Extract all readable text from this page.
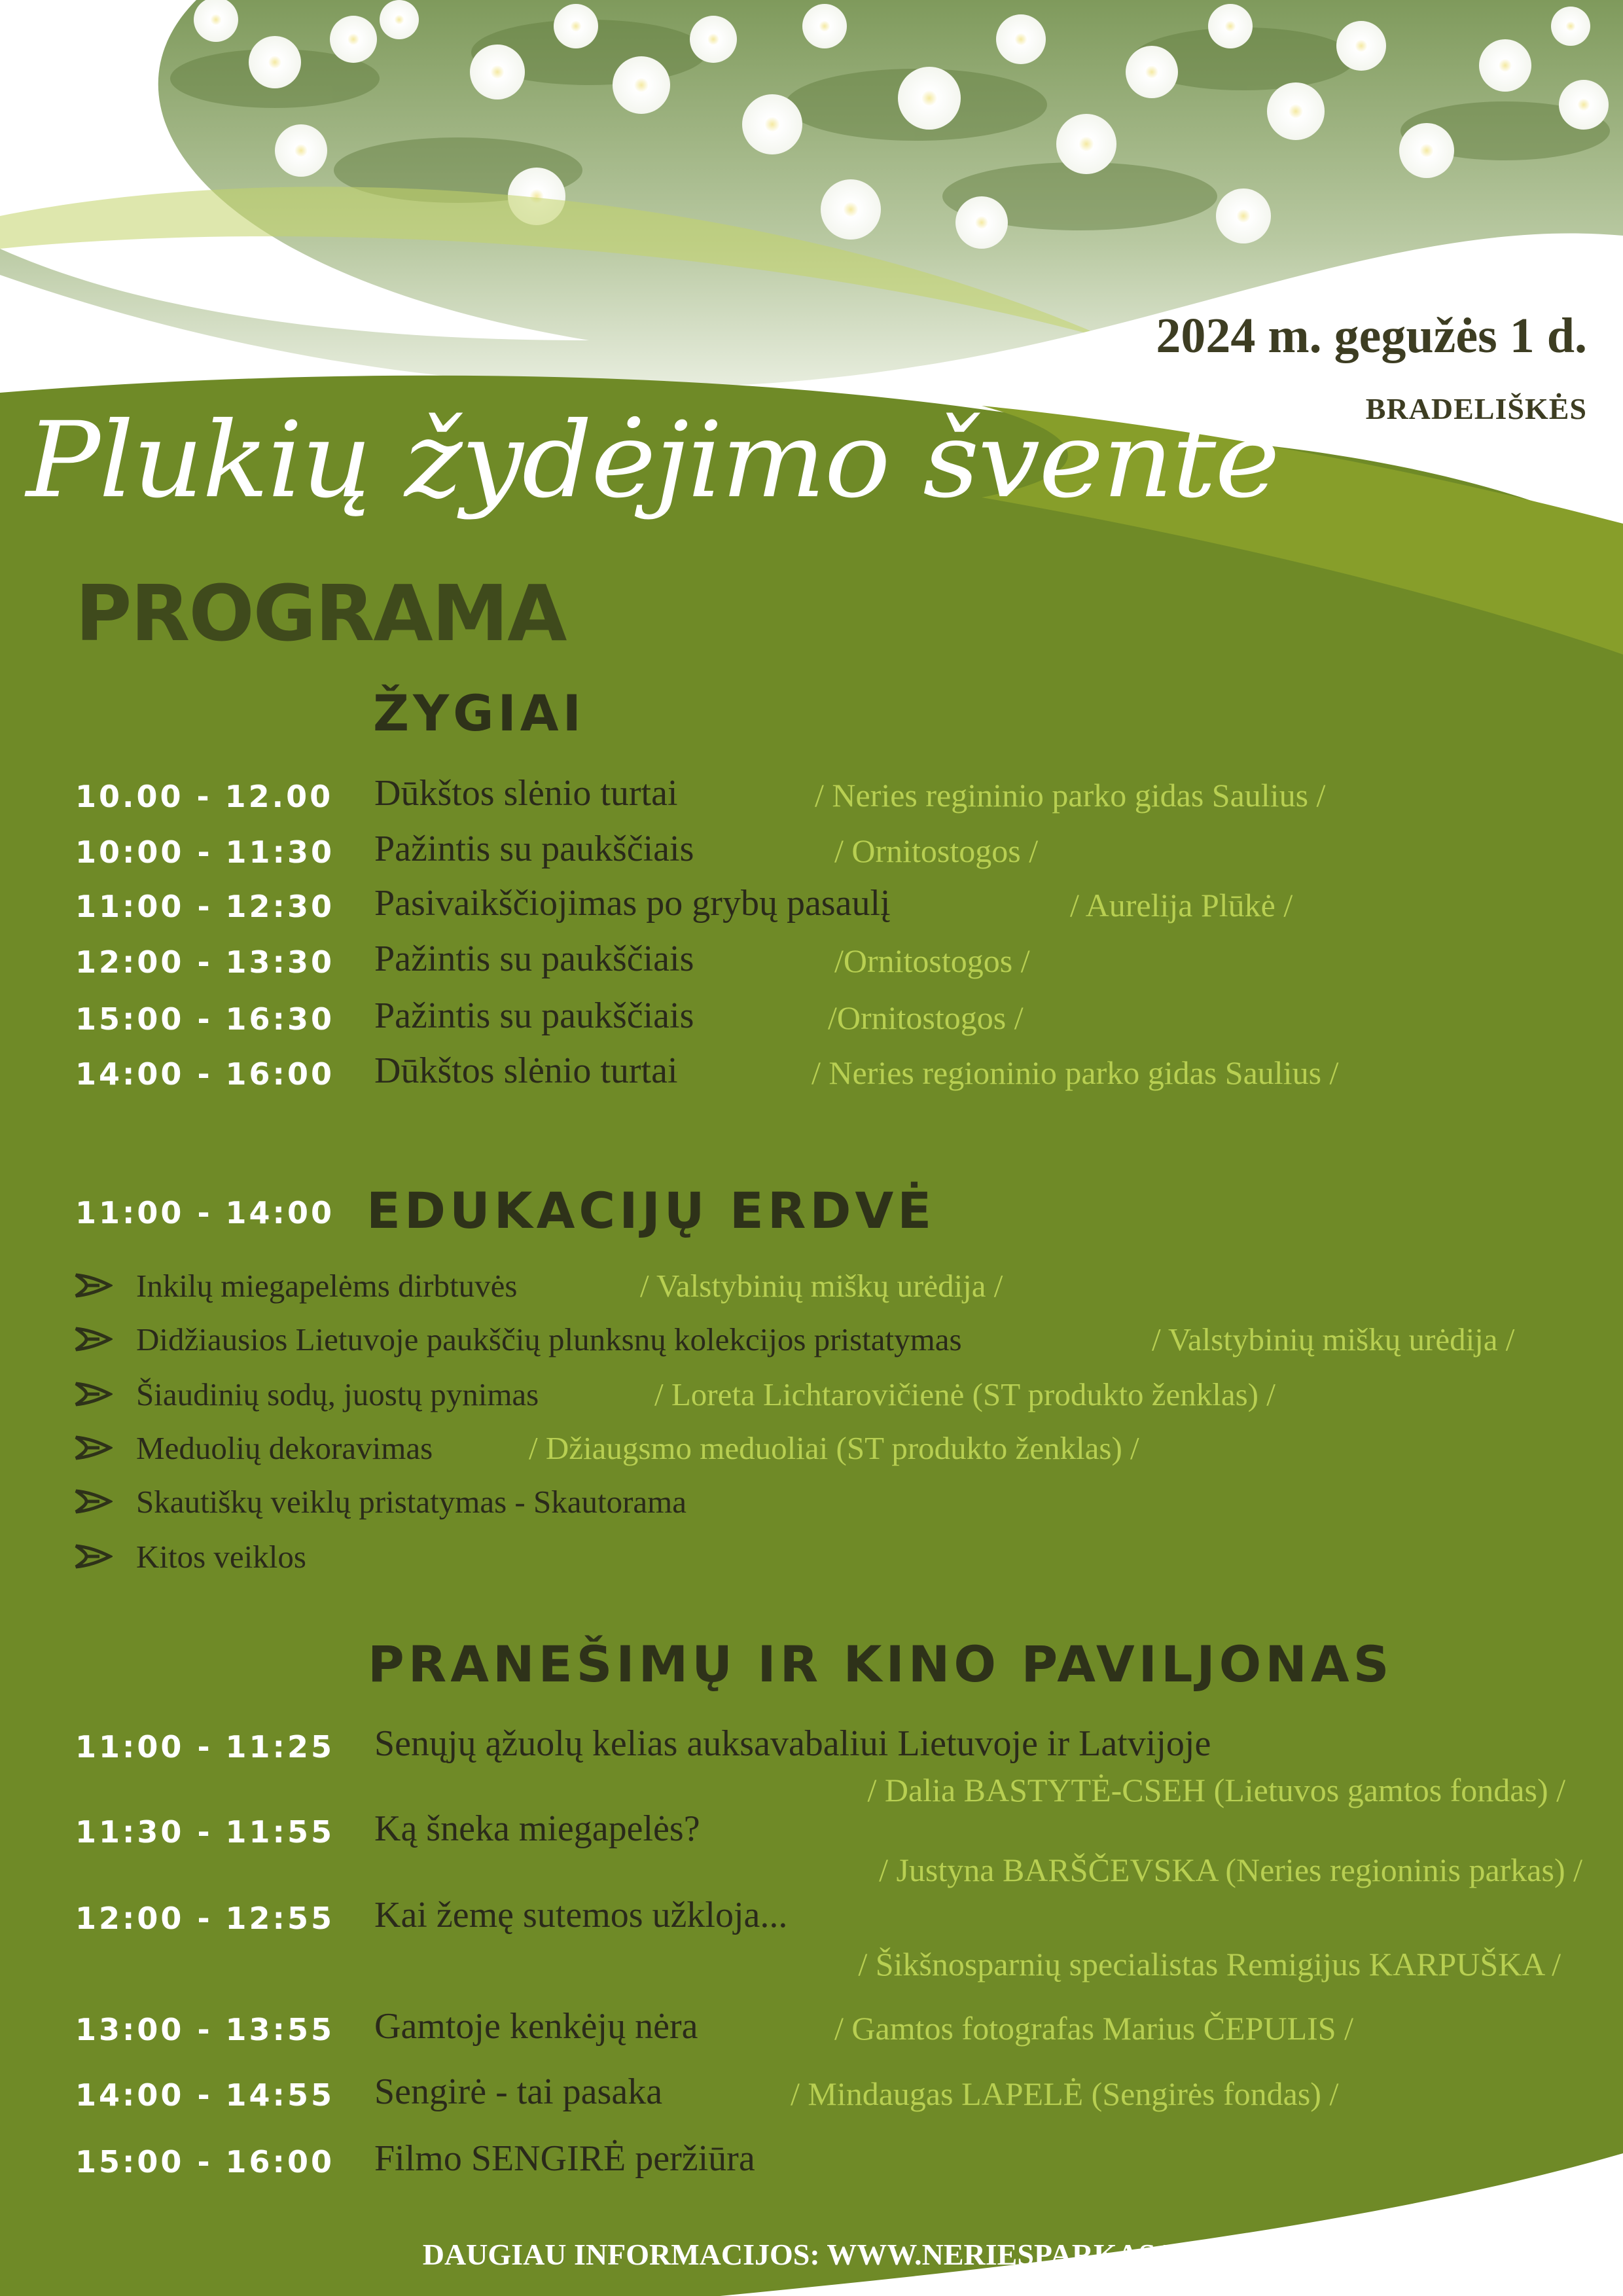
2024 m. gegužės 1 d.
BRADELIŠKĖS
Plukių žydėjimo šventė
PROGRAMA
ŽYGIAI
10.00 - 12.00 Dūkštos slėnio turtai	/ Neries regininio parko gidas Saulius /
10:00 - 11:30 Pažintis su paukščiais	/ Ornitostogos /
11:00 - 12:30 Pasivaikščiojimas po grybų pasaulį	/ Aurelija Plūkė /
12:00 - 13:30 Pažintis su paukščiais	/Ornitostogos /
15:00 - 16:30 Pažintis su paukščiais	/Ornitostogos /
14:00 - 16:00 Dūkštos slėnio turtai	/ Neries regioninio parko gidas Saulius /
11:00 - 14:00 EDUKACIJŲ ERDVĖ
Inkilų miegapelėms dirbtuvės	/ Valstybinių miškų urėdija /
Didžiausios Lietuvoje paukščių plunksnų kolekcijos pristatymas	/ Valstybinių miškų urėdija /
Šiaudinių sodų, juostų pynimas	/ Loreta Lichtarovičienė (ST produkto ženklas) /
Meduolių dekoravimas	/ Džiaugsmo meduoliai (ST produkto ženklas) /
Skautiškų veiklų pristatymas - Skautorama
Kitos veiklos
PRANEŠIMŲ IR KINO PAVILJONAS
11:00 - 11:25 Senųjų ąžuolų kelias auksavabaliui Lietuvoje ir Latvijoje
/ Dalia BASTYTĖ-CSEH (Lietuvos gamtos fondas) /
11:30 - 11:55 Ką šneka miegapelės?
/ Justyna BARŠČEVSKA (Neries regioninis parkas) /
12:00 - 12:55 Kai žemę sutemos užkloja...
/ Šikšnosparnių specialistas Remigijus KARPUŠKA /
13:00 - 13:55 Gamtoje kenkėjų nėra	/ Gamtos fotografas Marius ČEPULIS /
14:00 - 14:55 Sengirė - tai pasaka	/ Mindaugas LAPELĖ (Sengirės fondas) /
15:00 - 16:00 Filmo SENGIRĖ peržiūra
DAUGIAU INFORMACIJOS: WWW.NERIESPARKAS.LT
